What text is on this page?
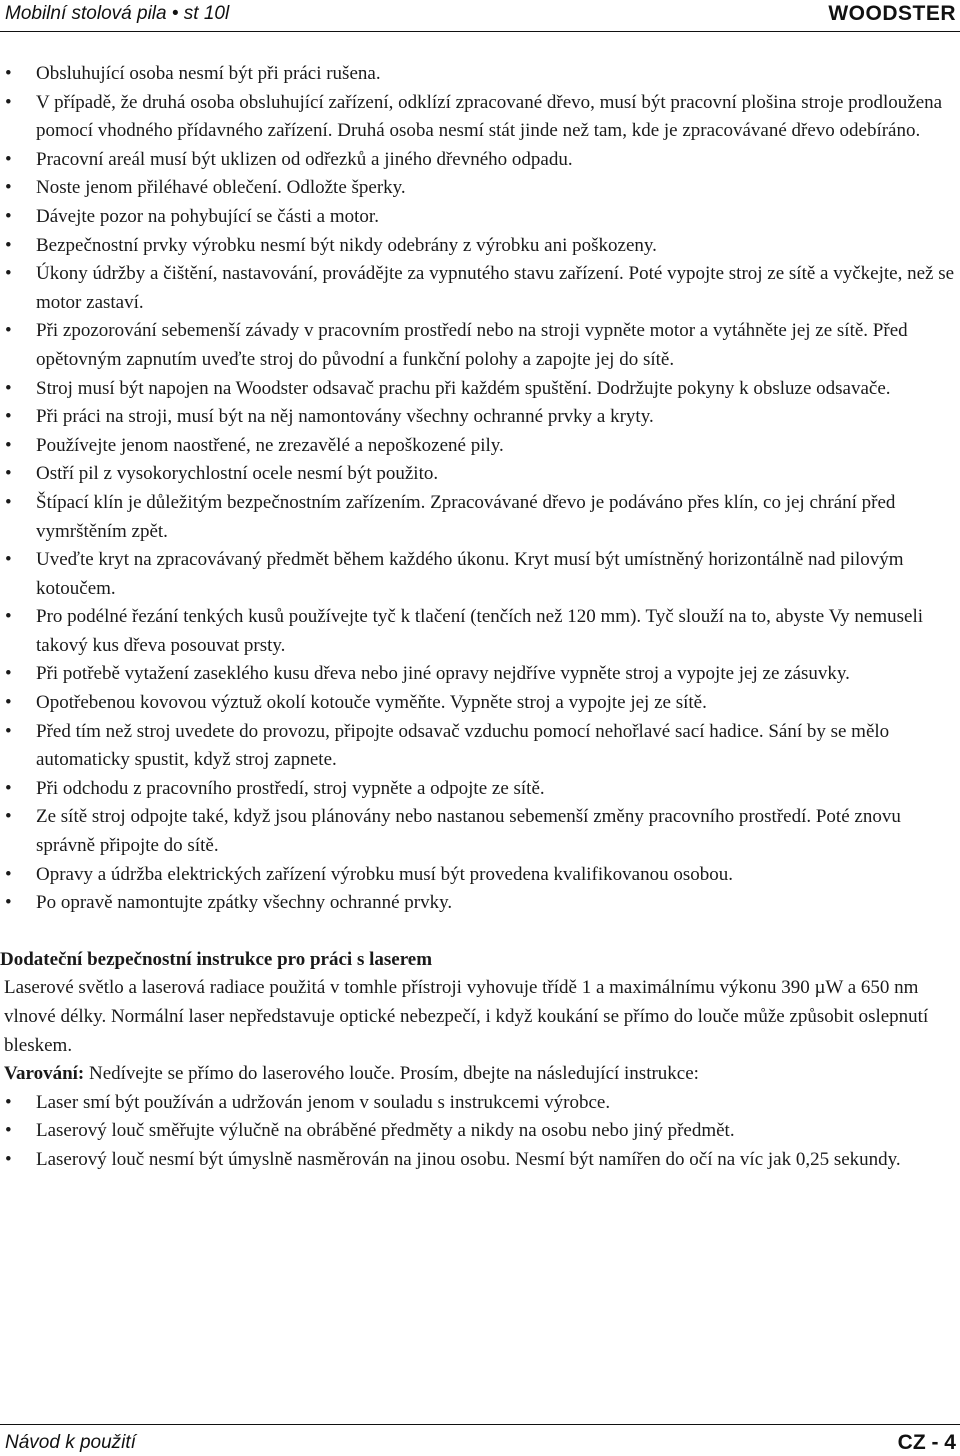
Mobilní stolová pila • st 10l	WOODSTER
• Obsluhující osoba nesmí být při práci rušena.
• V případě, že druhá osoba obsluhující zařízení, odklízí zpracované dřevo, musí být pracovní plošina stroje prodloužena pomocí vhodného přídavného zařízení. Druhá osoba nesmí stát jinde než tam, kde je zpracovávané dřevo odebíráno.
• Pracovní areál musí být uklizen od odřezků a jiného dřevného odpadu.
• Noste jenom přiléhavé oblečení. Odložte šperky.
• Dávejte pozor na pohybující se části a motor.
• Bezpečnostní prvky výrobku nesmí být nikdy odebrány z výrobku ani poškozeny.
• Úkony údržby a čištění, nastavování, provádějte za vypnutého stavu zařízení. Poté vypojte stroj ze sítě a vyčkejte, než se motor zastaví.
• Při zpozorování sebemenší závady v pracovním prostředí nebo na stroji vypněte motor a vytáhněte jej ze sítě. Před opětovným zapnutím uveďte stroj do původní a funkční polohy a zapojte jej do sítě.
• Stroj musí být napojen na Woodster odsavač prachu při každém spuštění. Dodržujte pokyny k obsluze odsavače.
• Při práci na stroji, musí být na něj namontovány všechny ochranné prvky a kryty.
• Používejte jenom naostřené, ne zrezavělé a nepoškozené pily.
• Ostří pil z vysokorychlostní ocele nesmí být použito.
• Štípací klín je důležitým bezpečnostním zařízením. Zpracovávané dřevo je podáváno přes klín, co jej chrání před vymrštěním zpět.
• Uveďte kryt na zpracovávaný předmět během každého úkonu. Kryt musí být umístněný horizontálně nad pilovým kotoučem.
• Pro podélné řezání tenkých kusů používejte tyč k tlačení (tenčích než 120 mm). Tyč slouží na to, abyste Vy nemuseli takový kus dřeva posouvat prsty.
• Při potřebě vytažení zaseklého kusu dřeva nebo jiné opravy nejdříve vypněte stroj a vypojte jej ze zásuvky.
• Opotřebenou kovovou výztuž okolí kotouče vyměňte. Vypněte stroj a vypojte jej ze sítě.
• Před tím než stroj uvedete do provozu, připojte odsavač vzduchu pomocí nehořlavé sací hadice. Sání by se mělo automaticky spustit, když stroj zapnete.
• Při odchodu z pracovního prostředí, stroj vypněte a odpojte ze sítě.
• Ze sítě stroj odpojte také, když jsou plánovány nebo nastanou sebemenší změny pracovního prostředí. Poté znovu správně připojte do sítě.
• Opravy a údržba elektrických zařízení výrobku musí být provedena kvalifikovanou osobou.
• Po opravě namontujte zpátky všechny ochranné prvky.
Dodateční bezpečnostní instrukce pro práci s laserem

Laserové světlo a laserová radiace použitá v tomhle přístroji vyhovuje třídě 1 a maximálnímu výkonu 390 µW a 650 nm vlnové délky. Normální laser nepředstavuje optické nebezpečí, i když koukání se přímo do louče může způsobit oslepnutí bleskem.

Varování: Nedívejte se přímo do laserového louče. Prosím, dbejte na následující instrukce:
• Laser smí být používán a udržován jenom v souladu s instrukcemi výrobce.
• Laserový louč směřujte výlučně na obráběné předměty a nikdy na osobu nebo jiný předmět.
• Laserový louč nesmí být úmyslně nasměrován na jinou osobu. Nesmí být namířen do očí na víc jak 0,25 sekundy.
Návod k použití	CZ - 4
